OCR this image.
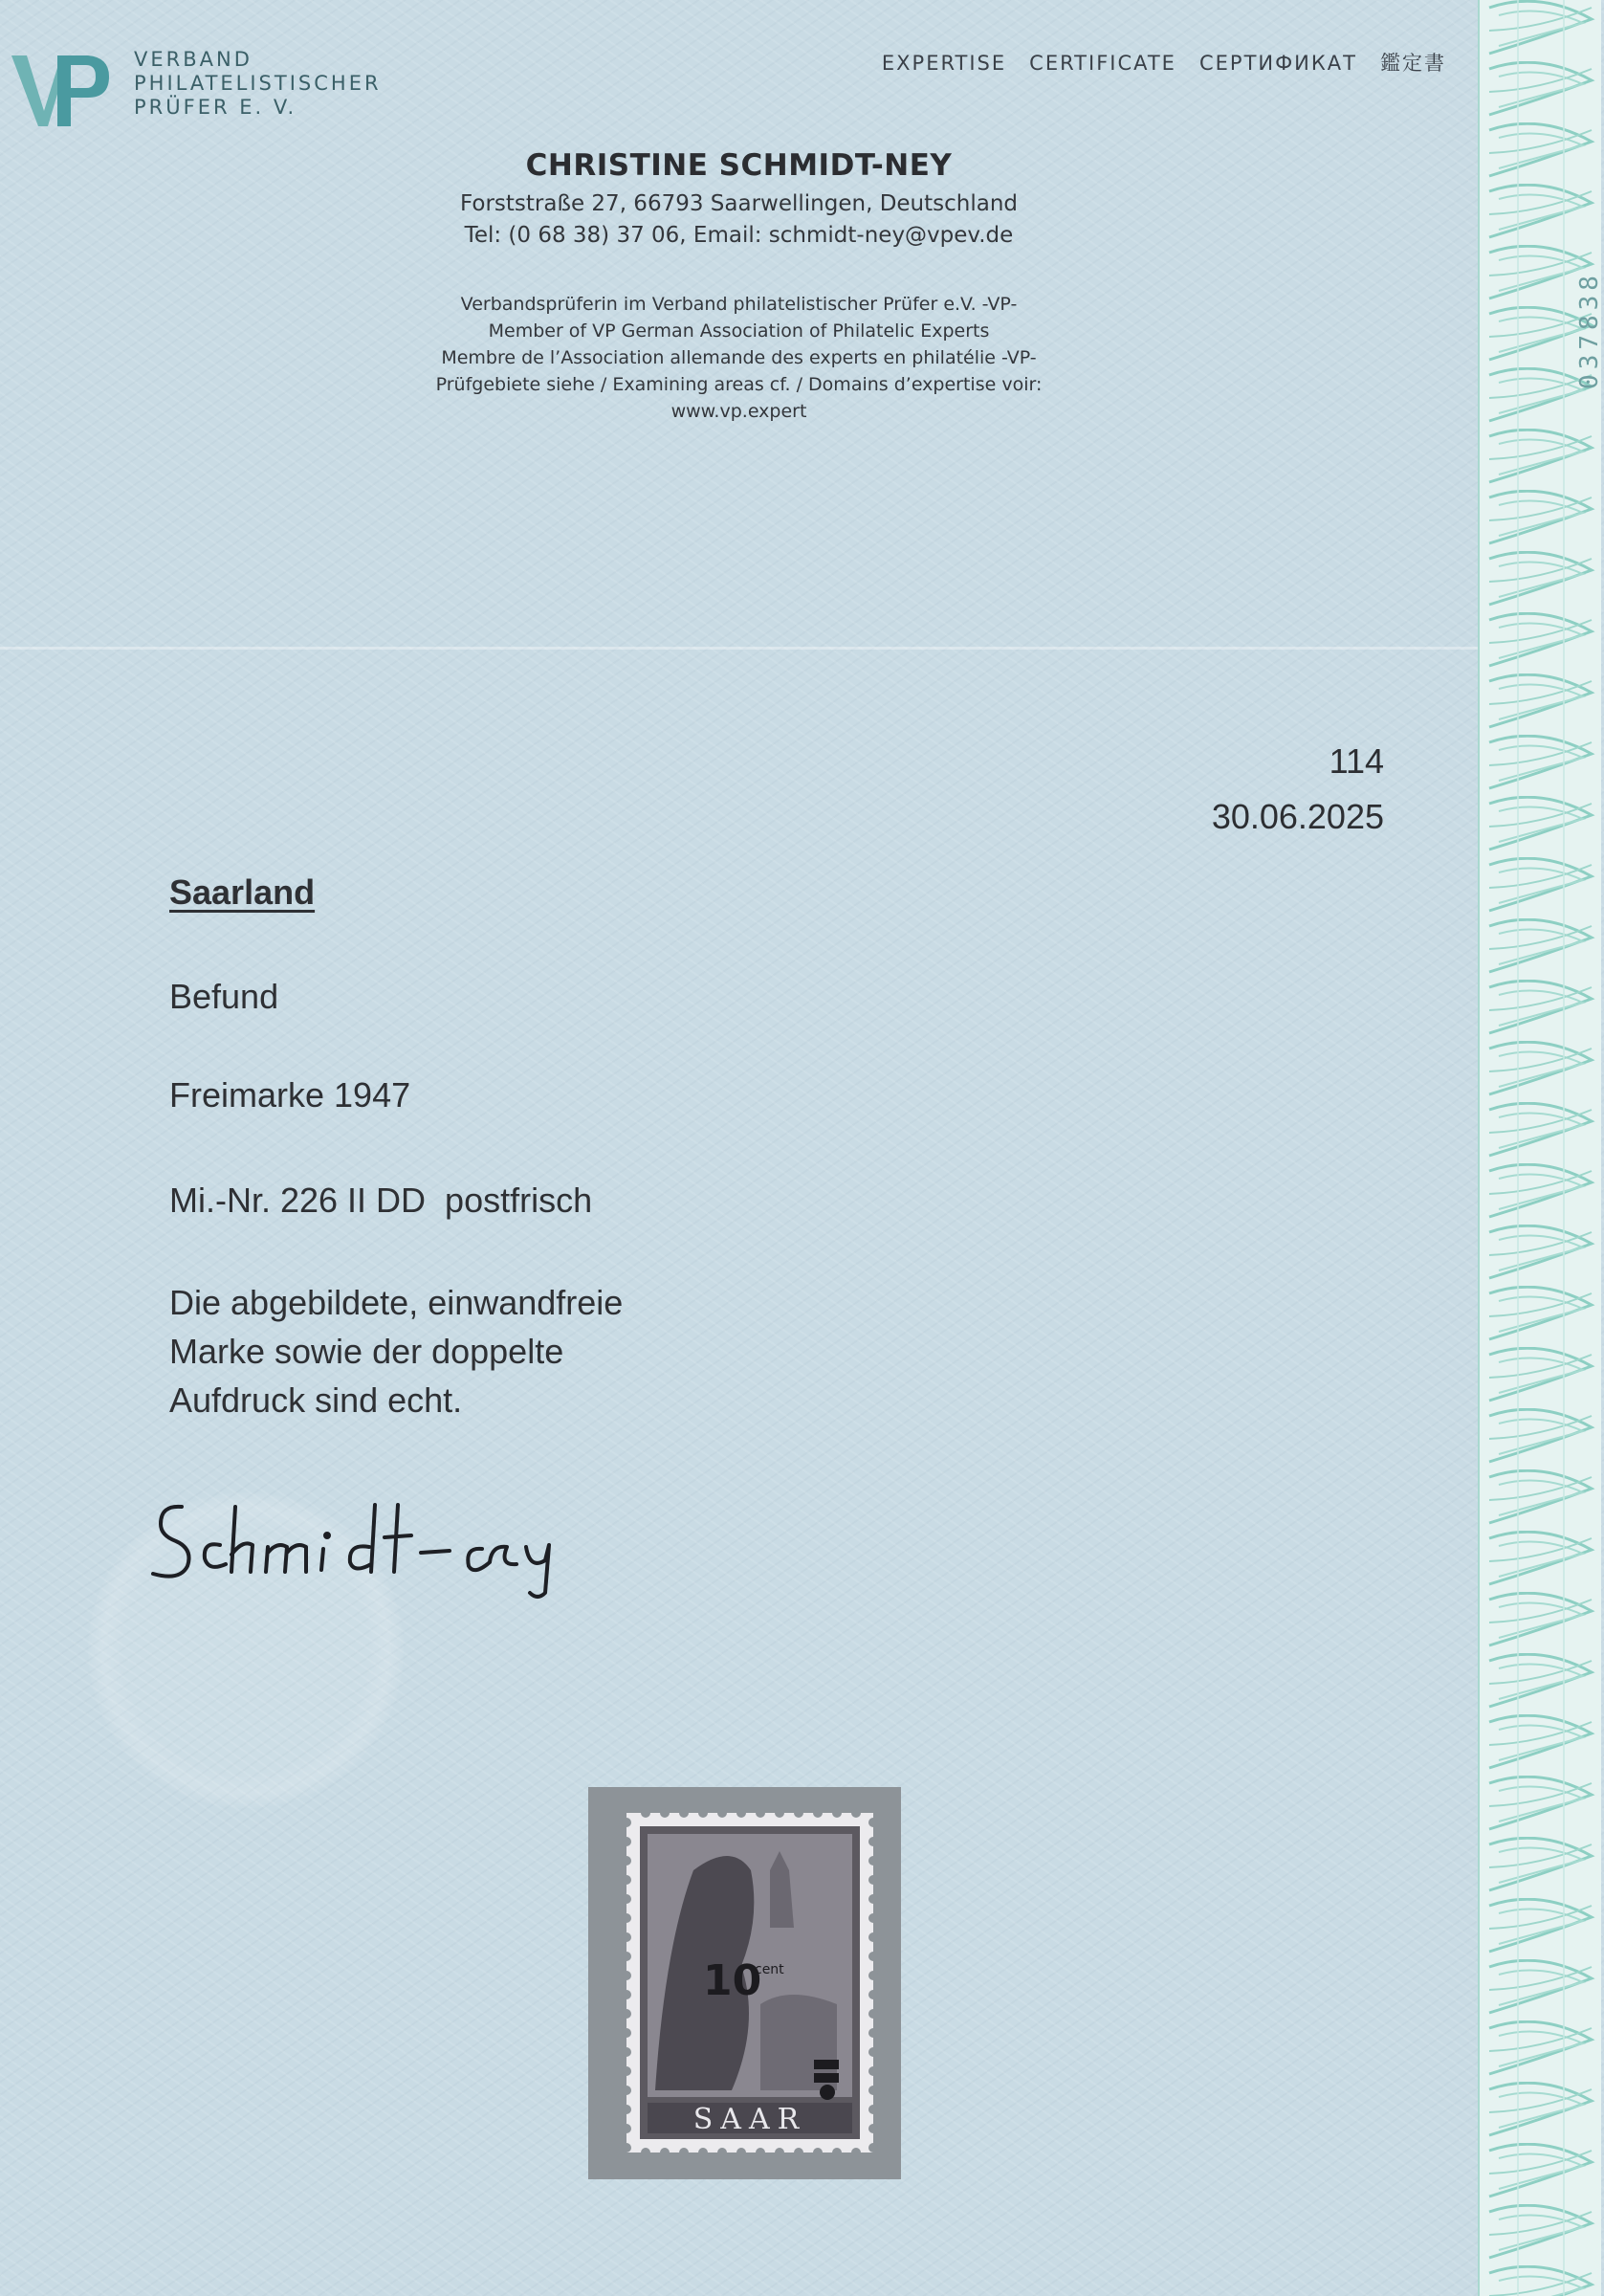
VERBAND
PHILATELISTISCHER
PRÜFER E. V.
EXPERTISE CERTIFICATE СЕРТИФИКАТ 鑑定書
CHRISTINE SCHMIDT-NEY
Forststraße 27, 66793 Saarwellingen, Deutschland
Tel: (0 68 38) 37 06, Email: schmidt-ney@vpev.de
Verbandsprüferin im Verband philatelistischer Prüfer e.V. -VP-
Member of VP German Association of Philatelic Experts
Membre de l’Association allemande des experts en philatélie -VP-
Prüfgebiete siehe / Examining areas cf. / Domains d’expertise voir:
www.vp.expert
114
30.06.2025
Saarland
Befund
Freimarke 1947
Mi.-Nr. 226 II DD  postfrisch
Die abgebildete, einwandfreie
Marke sowie der doppelte
Aufdruck sind echt.
SAAR
10
cent
037838
